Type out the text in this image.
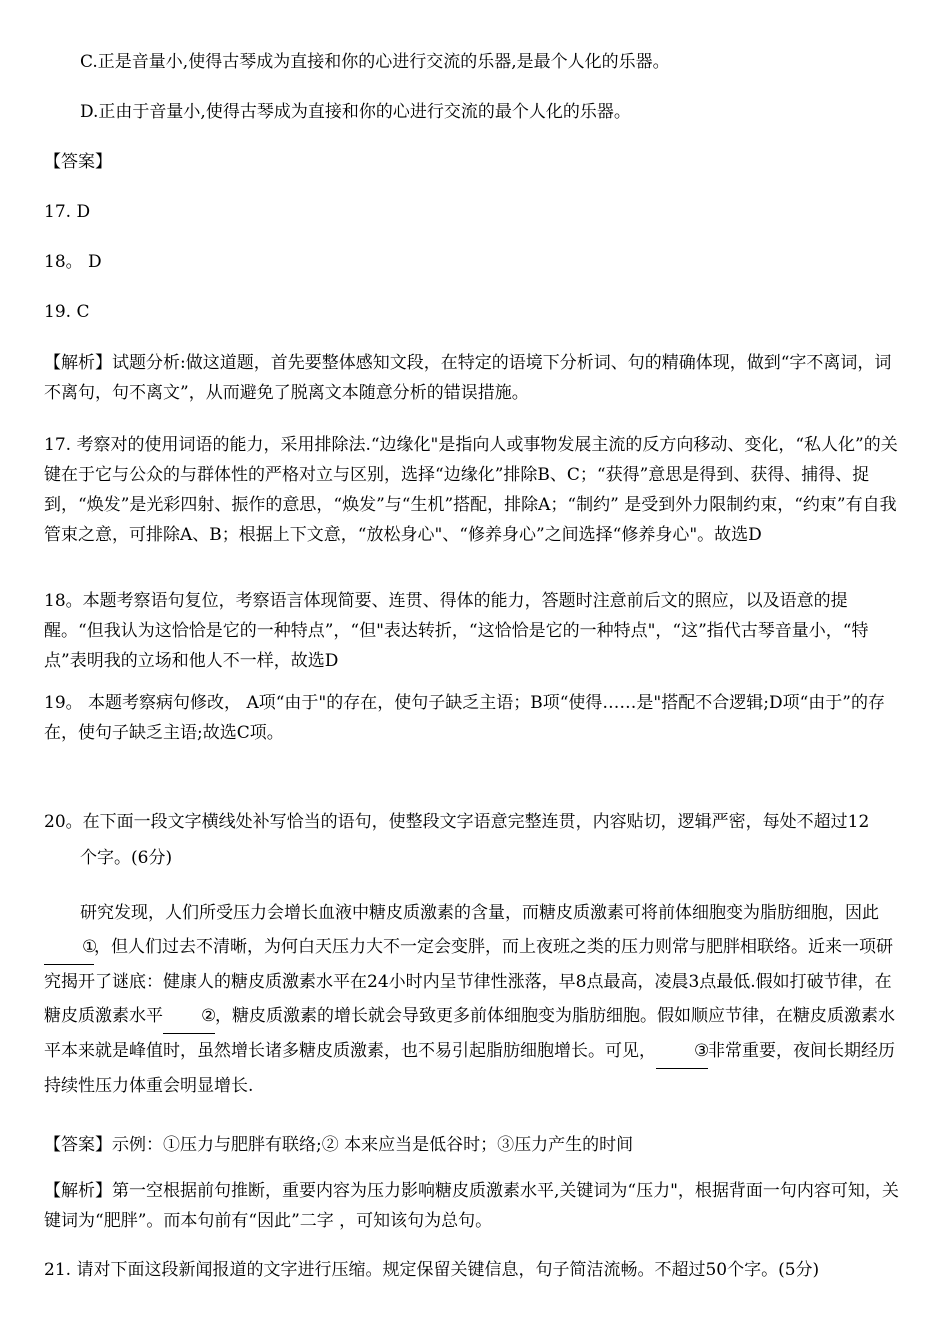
C.正是音量小,使得古琴成为直接和你的心进行交流的乐器,是最个人化的乐器。
D.正由于音量小,使得古琴成为直接和你的心进行交流的最个人化的乐器。
【答案】
17. D
18。 D
19. C
【解析】试题分析:做这道题，首先要整体感知文段，在特定的语境下分析词、句的精确体现，做到“字不离词，词不离句，句不离文”，从而避免了脱离文本随意分析的错误措施。
17. 考察对的使用词语的能力，采用排除法.“边缘化"是指向人或事物发展主流的反方向移动、变化，“私人化”的关键在于它与公众的与群体性的严格对立与区别，选择“边缘化”排除B、C；“获得”意思是得到、获得、捕得、捉到，“焕发”是光彩四射、振作的意思，“焕发”与“生机”搭配，排除A；“制约” 是受到外力限制约束，“约束”有自我管束之意，可排除A、B；根据上下文意，“放松身心"、“修养身心”之间选择“修养身心"。故选D
18。本题考察语句复位，考察语言体现简要、连贯、得体的能力，答题时注意前后文的照应，以及语意的提醒。“但我认为这恰恰是它的一种特点”，“但"表达转折，“这恰恰是它的一种特点"，“这”指代古琴音量小，“特点”表明我的立场和他人不一样，故选D
19。 本题考察病句修改， A项“由于"的存在，使句子缺乏主语；B项“使得……是"搭配不合逻辑;D项“由于”的存在，使句子缺乏主语;故选C项。
20。在下面一段文字横线处补写恰当的语句，使整段文字语意完整连贯，内容贴切，逻辑严密，每处不超过12
个字。(6分)
研究发现，人们所受压力会增长血液中糖皮质激素的含量，而糖皮质激素可将前体细胞变为脂肪细胞，因此①，但人们过去不清晰，为何白天压力大不一定会变胖，而上夜班之类的压力则常与肥胖相联络。近来一项研究揭开了谜底：健康人的糖皮质激素水平在24小时内呈节律性涨落，早8点最高，凌晨3点最低.假如打破节律，在糖皮质激素水平 ②，糖皮质激素的增长就会导致更多前体细胞变为脂肪细胞。假如顺应节律，在糖皮质激素水平本来就是峰值时，虽然增长诸多糖皮质激素，也不易引起脂肪细胞增长。可见， ③非常重要，夜间长期经历持续性压力体重会明显增长.
【答案】示例：①压力与肥胖有联络;② 本来应当是低谷时；③压力产生的时间
【解析】第一空根据前句推断，重要内容为压力影响糖皮质激素水平,关键词为“压力"，根据背面一句内容可知，关键词为“肥胖”。而本句前有“因此”二字 ，可知该句为总句。
21. 请对下面这段新闻报道的文字进行压缩。规定保留关键信息，句子简洁流畅。不超过50个字。(5分)
